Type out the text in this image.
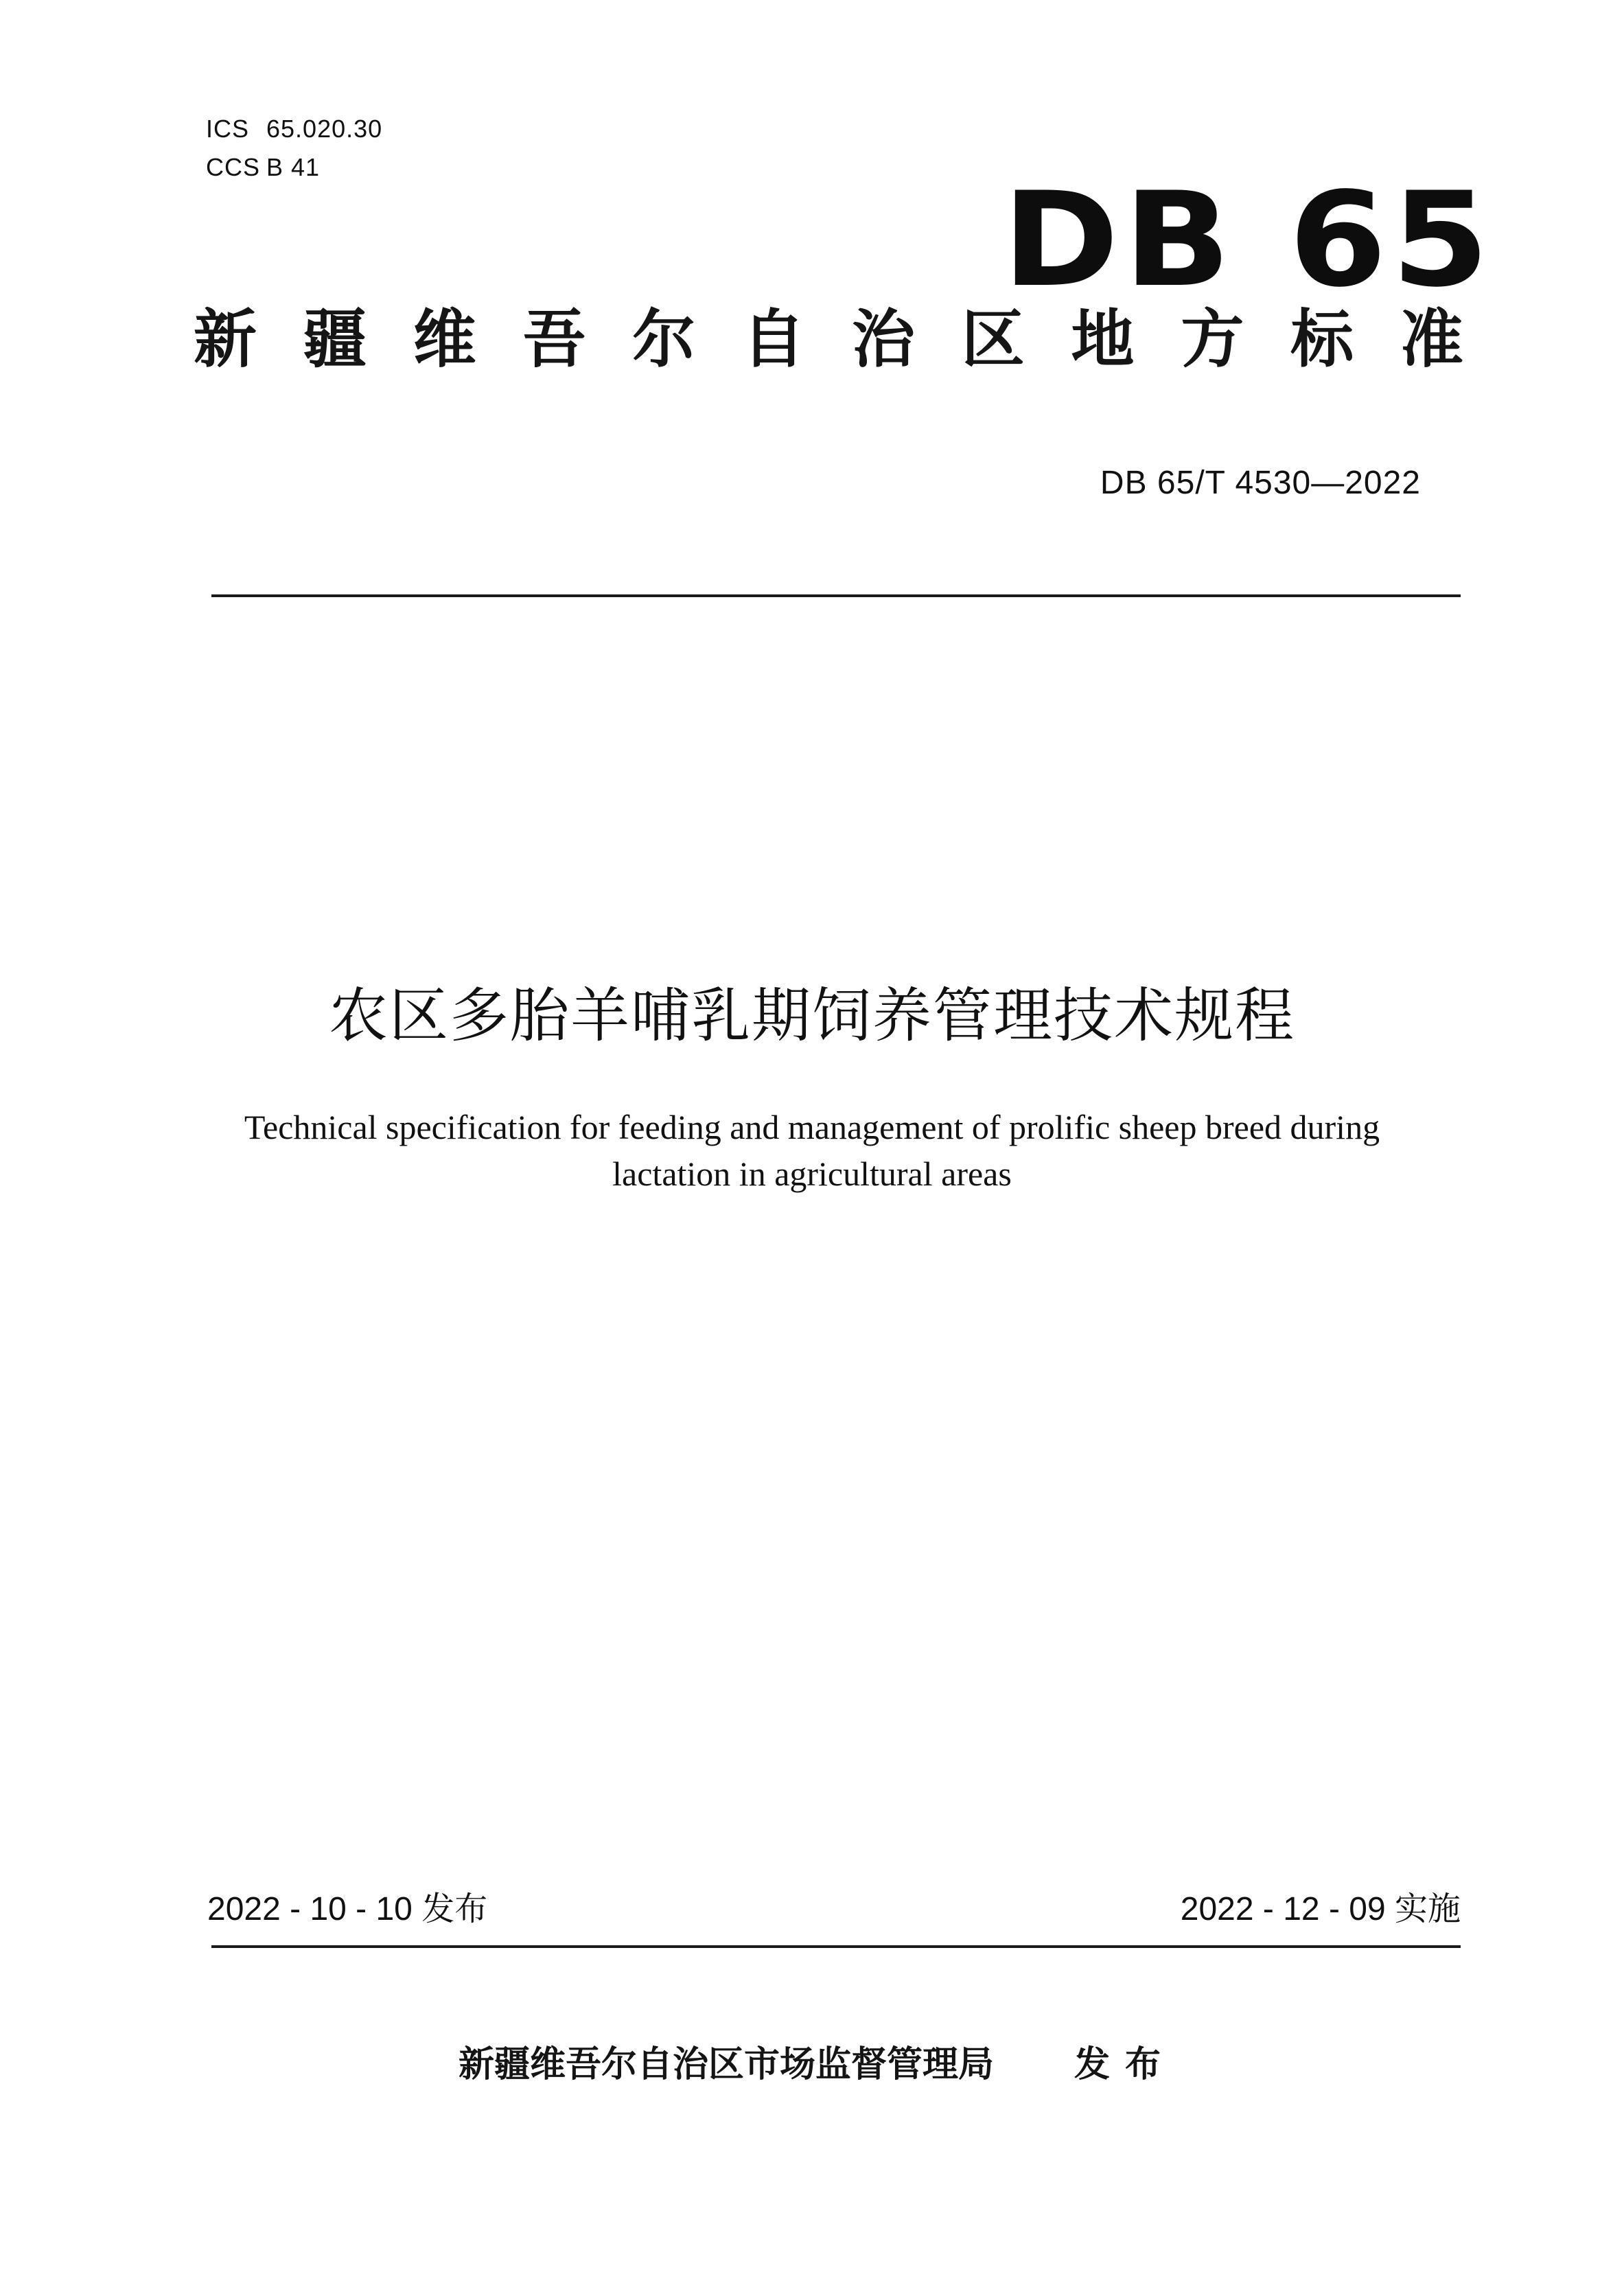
ICS 65.020.30
CCS B 41	DB 65
新 疆 维 吾 尔 自 治 区 地 方 标 准
DB 65/T 4530—2022
农区多胎羊哺乳期饲养管理技术规程
Technical specification for feeding and management of prolific sheep breed during lactation in agricultural areas
2022 - 10 - 10 发布	2022 - 12 - 09 实施
新疆维吾尔自治区市场监督管理局 发布
